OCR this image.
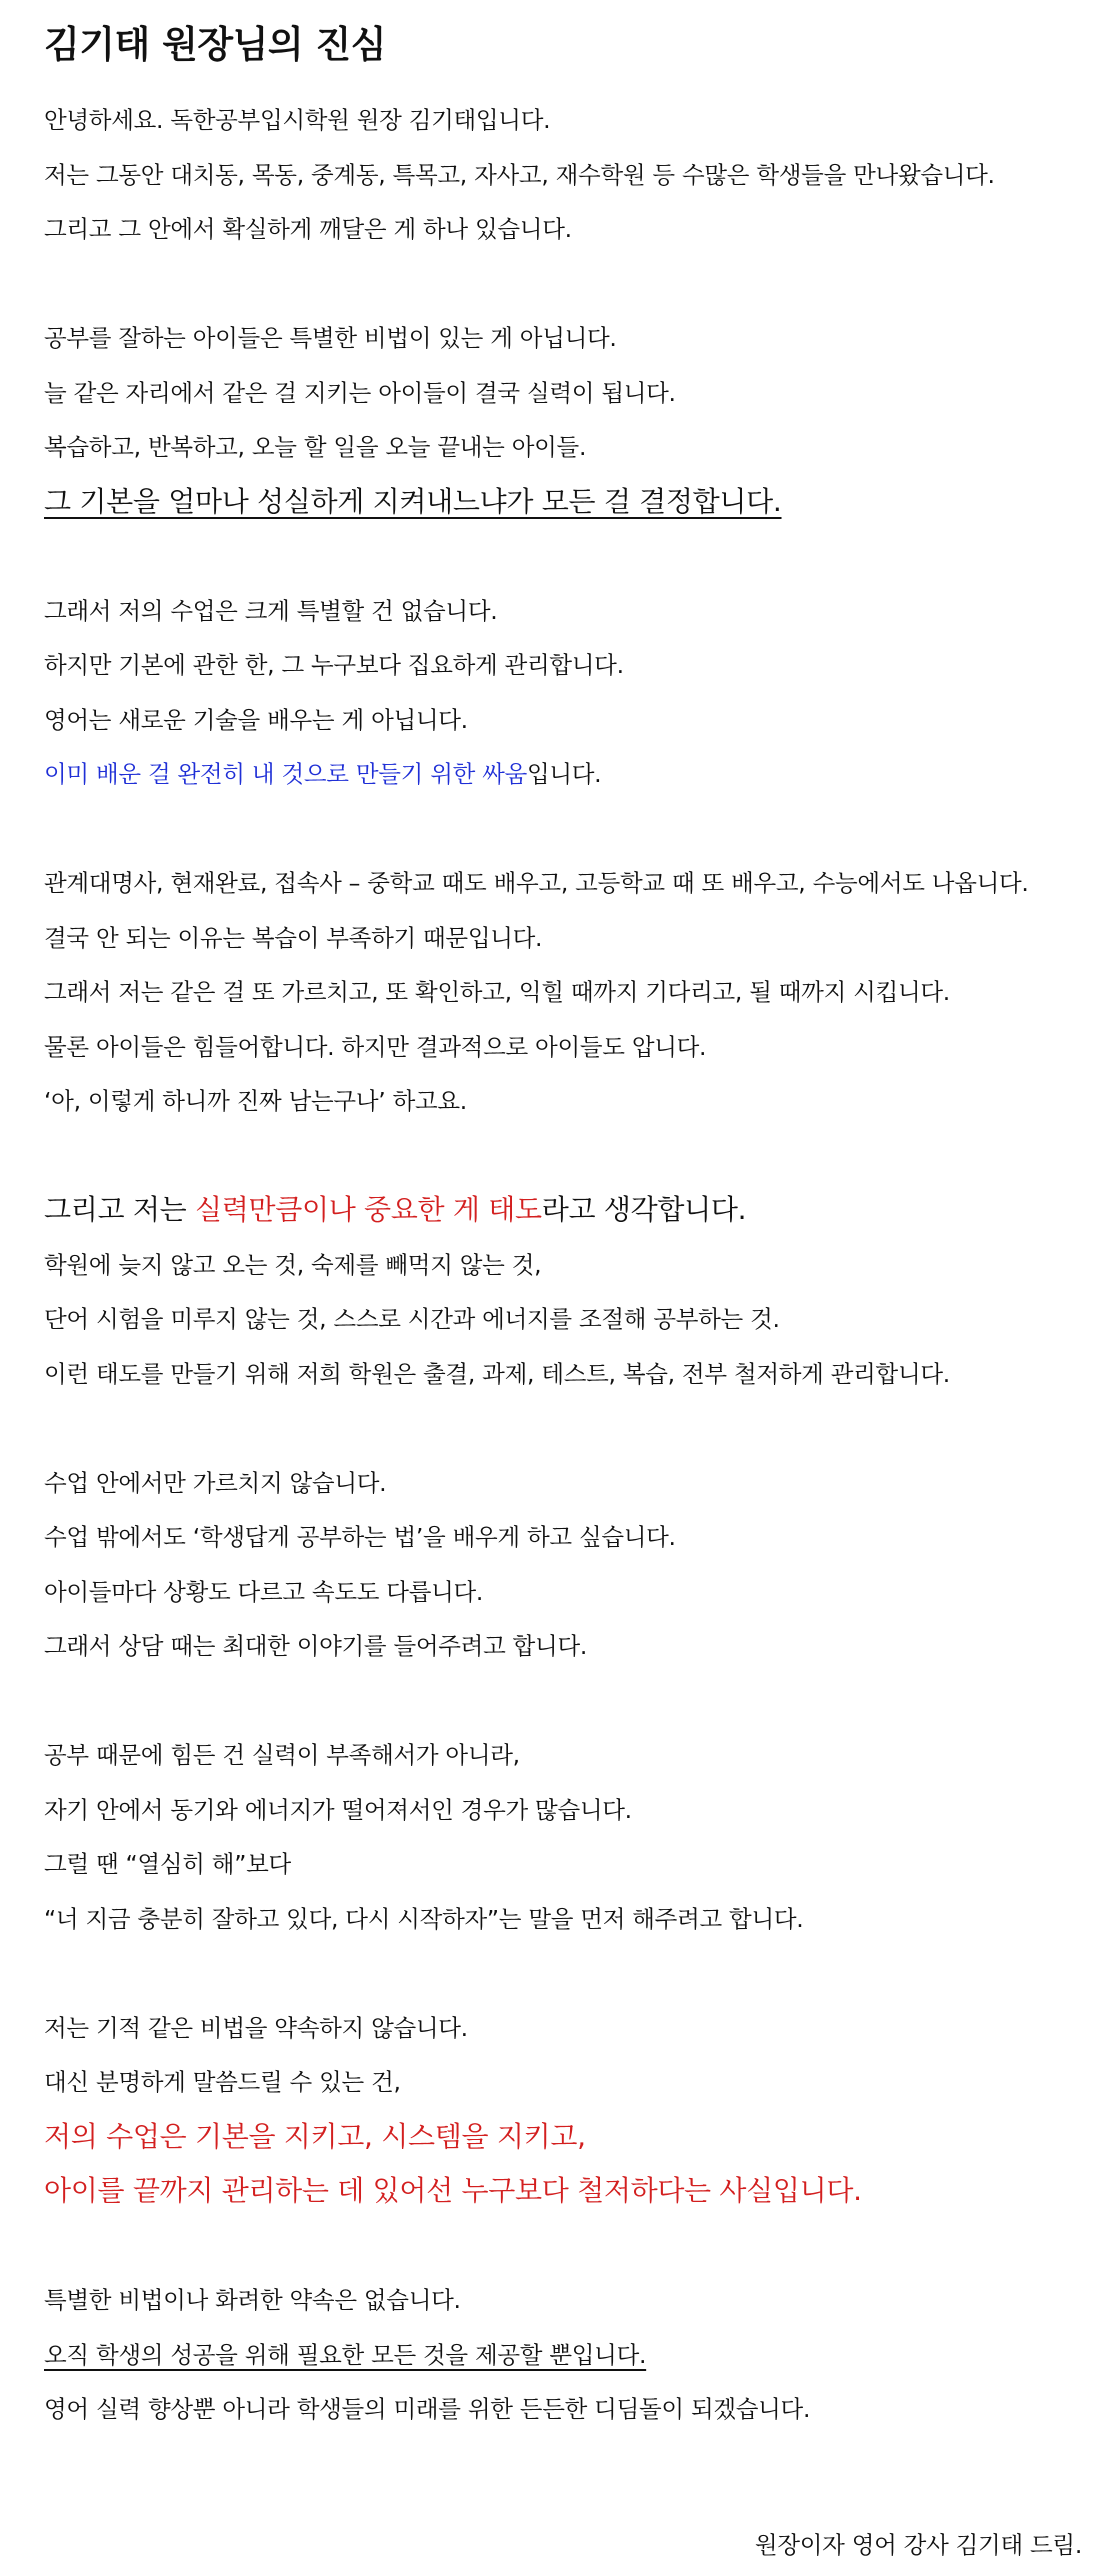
김기태 원장님의 진심
안녕하세요. 독한공부입시학원 원장 김기태입니다.
저는 그동안 대치동, 목동, 중계동, 특목고, 자사고, 재수학원 등 수많은 학생들을 만나왔습니다.
그리고 그 안에서 확실하게 깨달은 게 하나 있습니다.
공부를 잘하는 아이들은 특별한 비법이 있는 게 아닙니다.
늘 같은 자리에서 같은 걸 지키는 아이들이 결국 실력이 됩니다.
복습하고, 반복하고, 오늘 할 일을 오늘 끝내는 아이들.
그 기본을 얼마나 성실하게 지켜내느냐가 모든 걸 결정합니다.
그래서 저의 수업은 크게 특별할 건 없습니다.
하지만 기본에 관한 한, 그 누구보다 집요하게 관리합니다.
영어는 새로운 기술을 배우는 게 아닙니다.
이미 배운 걸 완전히 내 것으로 만들기 위한 싸움입니다.
관계대명사, 현재완료, 접속사 – 중학교 때도 배우고, 고등학교 때 또 배우고, 수능에서도 나옵니다.
결국 안 되는 이유는 복습이 부족하기 때문입니다.
그래서 저는 같은 걸 또 가르치고, 또 확인하고, 익힐 때까지 기다리고, 될 때까지 시킵니다.
물론 아이들은 힘들어합니다. 하지만 결과적으로 아이들도 압니다.
‘아, 이렇게 하니까 진짜 남는구나’ 하고요.
그리고 저는 실력만큼이나 중요한 게 태도라고 생각합니다.
학원에 늦지 않고 오는 것, 숙제를 빼먹지 않는 것,
단어 시험을 미루지 않는 것, 스스로 시간과 에너지를 조절해 공부하는 것.
이런 태도를 만들기 위해 저희 학원은 출결, 과제, 테스트, 복습, 전부 철저하게 관리합니다.
수업 안에서만 가르치지 않습니다.
수업 밖에서도 ‘학생답게 공부하는 법’을 배우게 하고 싶습니다.
아이들마다 상황도 다르고 속도도 다릅니다.
그래서 상담 때는 최대한 이야기를 들어주려고 합니다.
공부 때문에 힘든 건 실력이 부족해서가 아니라,
자기 안에서 동기와 에너지가 떨어져서인 경우가 많습니다.
그럴 땐 “열심히 해”보다
“너 지금 충분히 잘하고 있다, 다시 시작하자”는 말을 먼저 해주려고 합니다.
저는 기적 같은 비법을 약속하지 않습니다.
대신 분명하게 말씀드릴 수 있는 건,
저의 수업은 기본을 지키고, 시스템을 지키고,
아이를 끝까지 관리하는 데 있어선 누구보다 철저하다는 사실입니다.
특별한 비법이나 화려한 약속은 없습니다.
오직 학생의 성공을 위해 필요한 모든 것을 제공할 뿐입니다.
영어 실력 향상뿐 아니라 학생들의 미래를 위한 든든한 디딤돌이 되겠습니다.

원장이자 영어 강사 김기태 드림.
